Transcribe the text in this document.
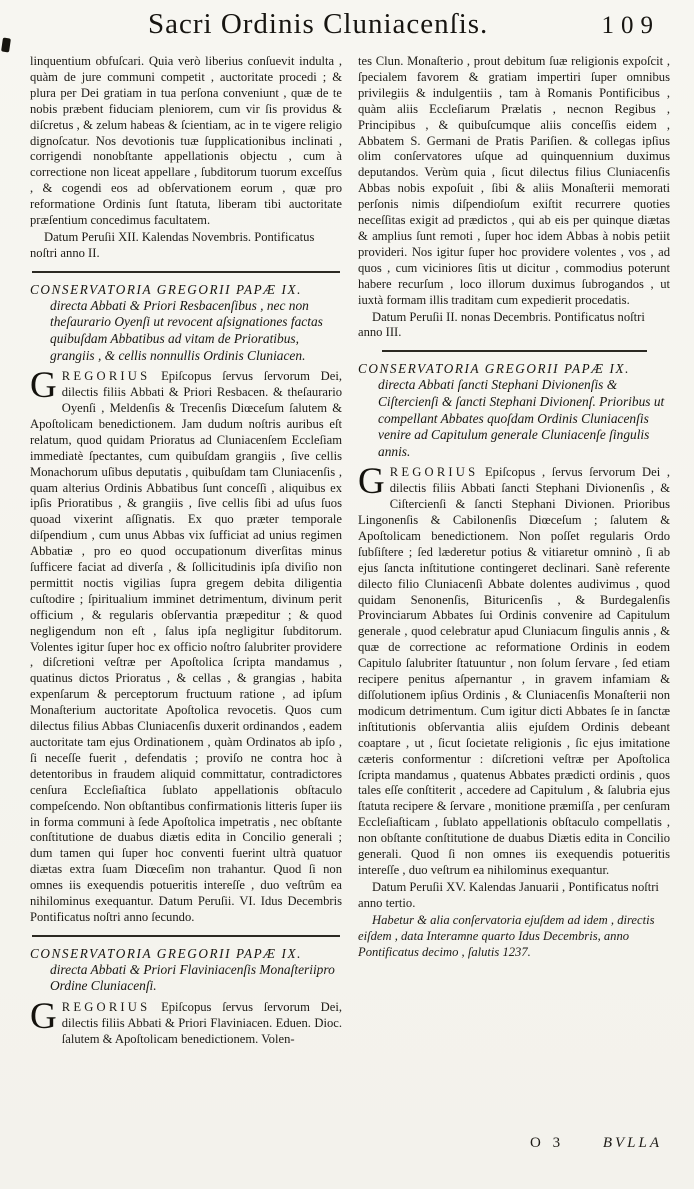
Sacri Ordinis Cluniacenſis.	109

linquentium obfuſcari. Quia verò liberius conſuevit indulta , quàm de jure communi competit , auctoritate procedi ; & plura per Dei gratiam in tua perſona conveniunt , quæ de te nobis præbent fiduciam pleniorem, cum vir ſis providus & diſcretus , & zelum habeas & ſcientiam, ac in te vigere religio dignoſcatur. Nos devotionis tuæ ſupplicationibus inclinati , corrigendi nonobſtante appellationis objectu , cum à correctione non liceat appellare , ſubditorum tuorum exceſſus , & cogendi eos ad obſervationem eorum , quæ pro reformatione Ordinis ſunt ſtatuta, liberam tibi auctoritate præſentium concedimus facultatem.

Datum Peruſii XII. Kalendas Novembris. Pontificatus noſtri anno II.

CONSERVATORIA GREGORII PAPÆ IX.
directa Abbati & Priori Resbacenſibus , nec non theſaurario Oyenſi ut revocent aſsignationes factas quibuſdam Abbatibus ad vitam de Prioratibus, grangiis , & cellis nonnullis Ordinis Cluniacen.

GREGORIUS Epiſcopus ſervus ſervorum Dei, dilectis filiis Abbati & Priori Resbacen. & theſaurario Oyenſi , Meldenſis & Trecenſis Diœceſum ſalutem & Apoſtolicam benedictionem. Jam dudum noſtris auribus eſt relatum, quod quidam Prioratus ad Cluniacenſem Eccleſiam immediatè ſpectantes, cum quibuſdam grangiis , ſive cellis Monachorum uſibus deputatis , quibuſdam tam Cluniacenſis , quam alterius Ordinis Abbatibus ſunt conceſſi , aliquibus ex ipſis Prioratibus , & grangiis , ſive cellis ſibi ad uſus ſuos quoad vixerint aſſignatis. Ex quo præter temporale diſpendium , cum unus Abbas vix ſufficiat ad unius regimen Abbatiæ , pro eo quod occupationum diverſitas minus ſufficere faciat ad diverſa , & ſollicitudinis ipſa diviſio non permittit noctis vigilias ſupra gregem debita diligentia cuſtodire ; ſpiritualium imminet detrimentum, divinum perit officium , & regularis obſervantia præpeditur ; & quod negligendum non eſt , ſalus ipſa negligitur ſubditorum. Volentes igitur ſuper hoc ex officio noſtro ſalubriter providere , diſcretioni veſtræ per Apoſtolica ſcripta mandamus , quatinus dictos Prioratus , & cellas , & grangias , habita expenſarum & perceptorum fructuum ratione , ad ipſum Monaſterium auctoritate Apoſtolica revocetis. Quos cum dilectus filius Abbas Cluniacenſis duxerit ordinandos , eadem auctoritate tam ejus Ordinationem , quàm Ordinatos ab ipſo , ſi neceſſe fuerit , defendatis ; proviſo ne contra hoc à detentoribus in fraudem aliquid committatur, contradictores cenſura Eccleſiaſtica ſublato appellationis obſtaculo compeſcendo. Non obſtantibus confirmationis litteris ſuper iis in forma communi à ſede Apoſtolica impetratis , nec obſtante conſtitutione de duabus diætis edita in Concilio generali ; dum tamen qui ſuper hoc conventi fuerint ultrà quatuor diætas extra ſuam Diœceſim non trahantur. Quod ſi non omnes iis exequendis potueritis intereſſe , duo veſtrûm ea nihilominus exequantur. Datum Peruſii. VI. Idus Decembris Pontificatus noſtri anno ſecundo.

CONSERVATORIA GREGORII PAPÆ IX.
directa Abbati & Priori Flaviniacenſis Monaſteriipro Ordine Cluniacenſi.

GREGORIUS Epiſcopus ſervus ſervorum Dei, dilectis filiis Abbati & Priori Flaviniacen. Eduen. Dioc. ſalutem & Apoſtolicam benedictionem. Volen-

tes Clun. Monaſterio , prout debitum ſuæ religionis expoſcit , ſpecialem favorem & gratiam impertiri ſuper omnibus privilegiis & indulgentiis , tam à Romanis Pontificibus , quàm aliis Eccleſiarum Prælatis , necnon Regibus , Principibus , & quibuſcumque aliis conceſſis eidem , Abbatem S. Germani de Pratis Pariſien. & collegas ipſius olim conſervatores uſque ad quinquennium duximus deputandos. Verùm quia , ſicut dilectus filius Cluniacenſis Abbas nobis expoſuit , ſibi & aliis Monaſterii memorati perſonis nimis diſpendioſum exiſtit recurrere quoties neceſſitas exigit ad prædictos , qui ab eis per quinque diætas & amplius ſunt remoti , ſuper hoc idem Abbas à nobis petiit provideri. Nos igitur ſuper hoc providere volentes , vos , ad quos , cum viciniores ſitis ut dicitur , commodius poterunt habere recurſum , loco illorum duximus ſubrogandos , ut iuxtà formam illis traditam cum expedierit procedatis.

Datum Peruſii II. nonas Decembris. Pontificatus noſtri anno III.

CONSERVATORIA GREGORII PAPÆ IX.
directa Abbati ſancti Stephani Divionenſis & Ciſtercienſi & ſancti Stephani Divionenſ. Prioribus ut compellant Abbates quoſdam Ordinis Cluniacenſis venire ad Capitulum generale Cluniacenſe ſingulis annis.

GREGORIUS Epiſcopus , ſervus ſervorum Dei , dilectis filiis Abbati ſancti Stephani Divionenſis , & Ciſtercienſi & ſancti Stephani Divionen. Prioribus Lingonenſis & Cabilonenſis Diœceſum ; ſalutem & Apoſtolicam benedictionem. Non poſſet regularis Ordo ſubſiſtere ; ſed læderetur potius & vitiaretur omninò , ſi ab ejus ſancta inſtitutione contingeret declinari. Sanè referente dilecto filio Cluniacenſi Abbate dolentes audivimus , quod quidam Senonenſis, Bituricenſis , & Burdegalenſis Provinciarum Abbates ſui Ordinis convenire ad Capitulum generale , quod celebratur apud Cluniacum ſingulis annis , & quæ de correctione ac reformatione Ordinis in eodem Capitulo ſalubriter ſtatuuntur , non ſolum ſervare , ſed etiam recipere penitus aſpernantur , in gravem infamiam & diſſolutionem ipſius Ordinis , & Cluniacenſis Monaſterii non modicum detrimentum. Cum igitur dicti Abbates ſe in ſanctæ inſtitutionis obſervantia aliis ejuſdem Ordinis debeant coaptare , ut , ſicut ſocietate religionis , ſic ejus imitatione cæteris conformentur : diſcretioni veſtræ per Apoſtolica ſcripta mandamus , quatenus Abbates prædicti ordinis , quos tales eſſe conſtiterit , accedere ad Capitulum , & ſalubria ejus ſtatuta recipere & ſervare , monitione præmiſſa , per cenſuram Eccleſiaſticam , ſublato appellationis obſtaculo compellatis , non obſtante conſtitutione de duabus Diætis edita in Concilio generali. Quod ſi non omnes iis exequendis potueritis intereſſe , duo veſtrum ea nihilominus exequantur.

Datum Peruſii XV. Kalendas Januarii , Pontificatus noſtri anno tertio.

Habetur & alia conſervatoria ejuſdem ad idem , directis eiſdem , data Interamne quarto Idus Decembris, anno Pontificatus decimo , ſalutis 1237.

O 3	BVLLA
